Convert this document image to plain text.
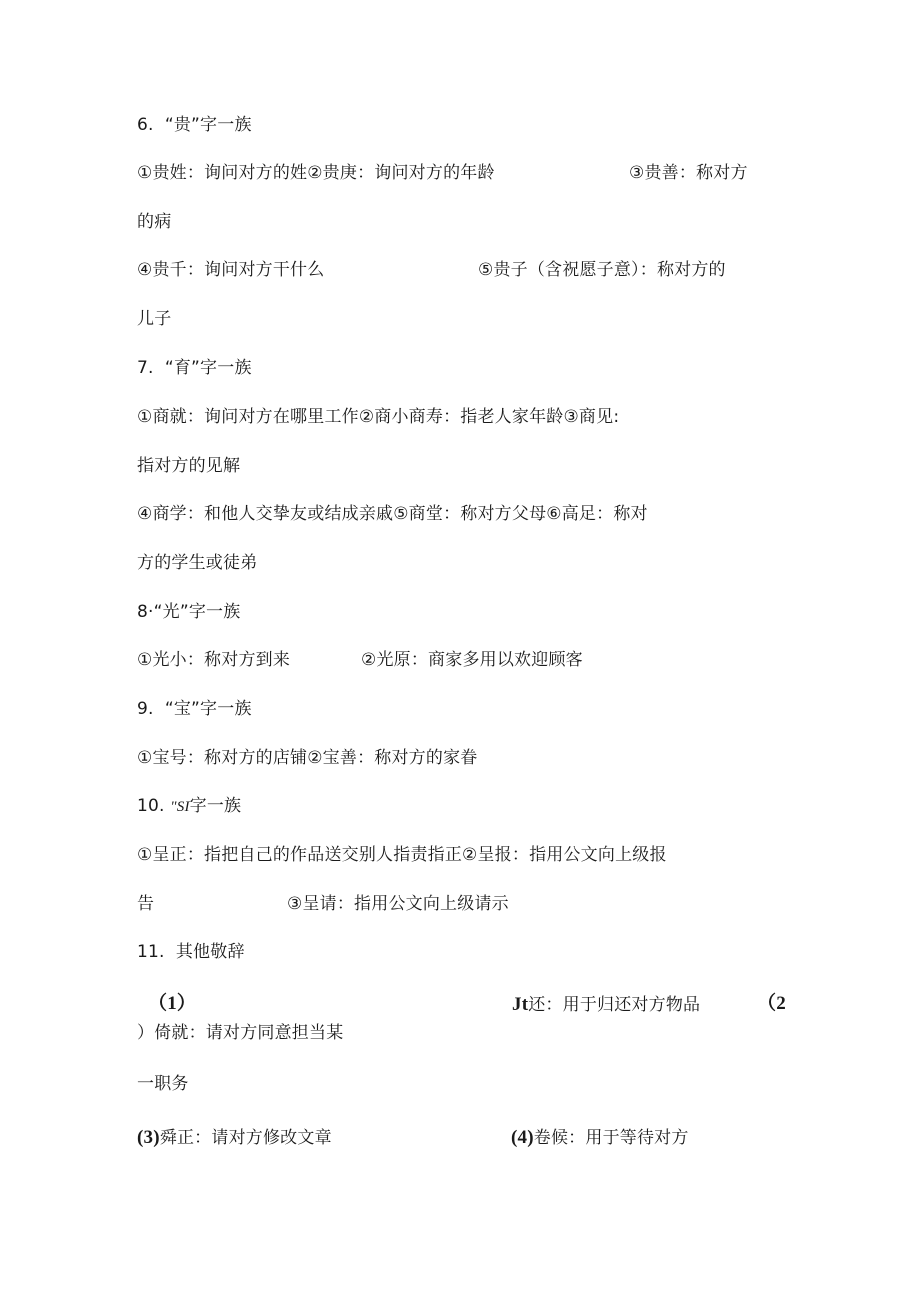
6.  “贵”字一族
①贵姓：询问对方的姓②贵庚：询问对方的年龄	③贵善：称对方
的病
④贵千：询问对方干什么	⑤贵子（含祝愿子意）：称对方的
儿子
7.  “育”字一族
①商就：询问对方在哪里工作②商小商寿：指老人家年龄③商见:
指对方的见解
④商学：和他人交挚友或结成亲戚⑤商堂：称对方父母⑥高足：称对
方的学生或徒弟
8·“光”字一族
①光小：称对方到来	②光原：商家多用以欢迎顾客
9.  “宝”字一族
①宝号：称对方的店铺②宝善：称对方的家眷
10. "SI字一族
①呈正：指把自己的作品送交别人指责指正②呈报：指用公文向上级报
告	③呈请：指用公文向上级请示
11.  其他敬辞
（1）	Jt还：用于归还对方物品	（2
）倚就：请对方同意担当某
一职务
(3)舜正：请对方修改文章	(4)卷候：用于等待对方
